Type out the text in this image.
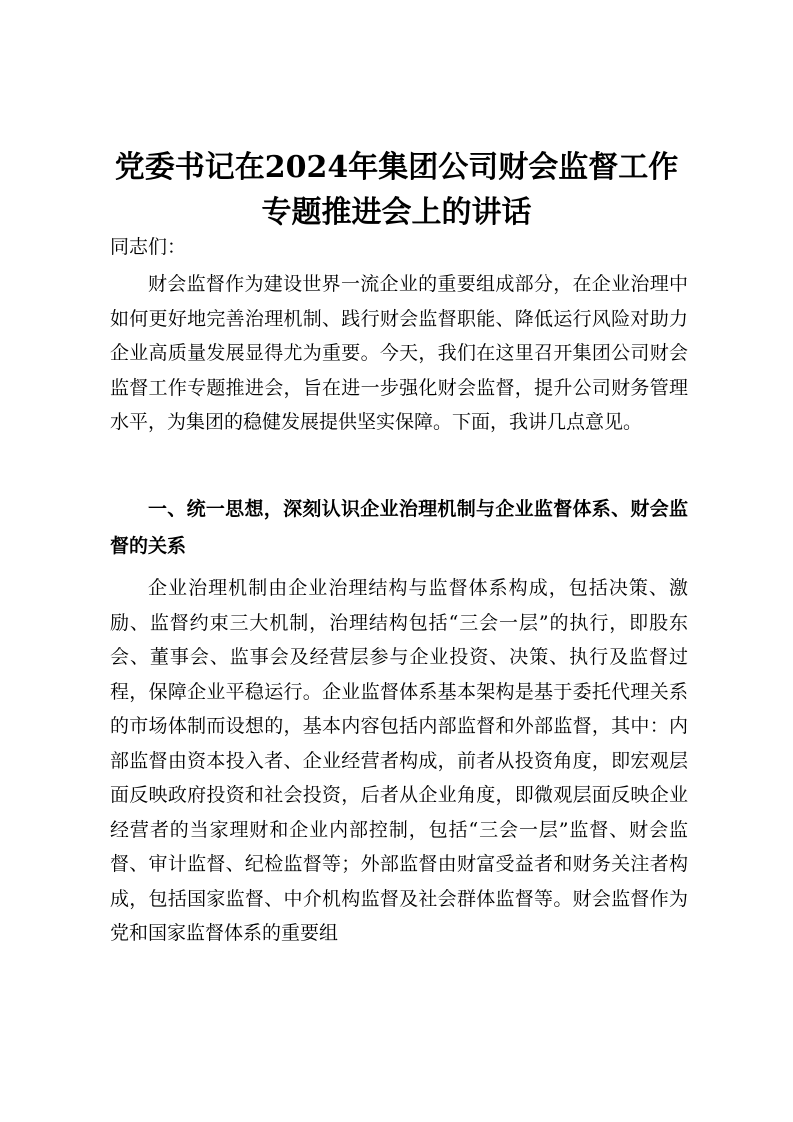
党委书记在2024年集团公司财会监督工作专题推进会上的讲话

同志们：

财会监督作为建设世界一流企业的重要组成部分，在企业治理中如何更好地完善治理机制、践行财会监督职能、降低运行风险对助力企业高质量发展显得尤为重要。今天，我们在这里召开集团公司财会监督工作专题推进会，旨在进一步强化财会监督，提升公司财务管理水平，为集团的稳健发展提供坚实保障。下面，我讲几点意见。

一、统一思想，深刻认识企业治理机制与企业监督体系、财会监督的关系

企业治理机制由企业治理结构与监督体系构成，包括决策、激励、监督约束三大机制，治理结构包括“三会一层”的执行，即股东会、董事会、监事会及经营层参与企业投资、决策、执行及监督过程，保障企业平稳运行。企业监督体系基本架构是基于委托代理关系的市场体制而设想的，基本内容包括内部监督和外部监督，其中：内部监督由资本投入者、企业经营者构成，前者从投资角度，即宏观层面反映政府投资和社会投资，后者从企业角度，即微观层面反映企业经营者的当家理财和企业内部控制，包括“三会一层”监督、财会监督、审计监督、纪检监督等；外部监督由财富受益者和财务关注者构成，包括国家监督、中介机构监督及社会群体监督等。财会监督作为党和国家监督体系的重要组
